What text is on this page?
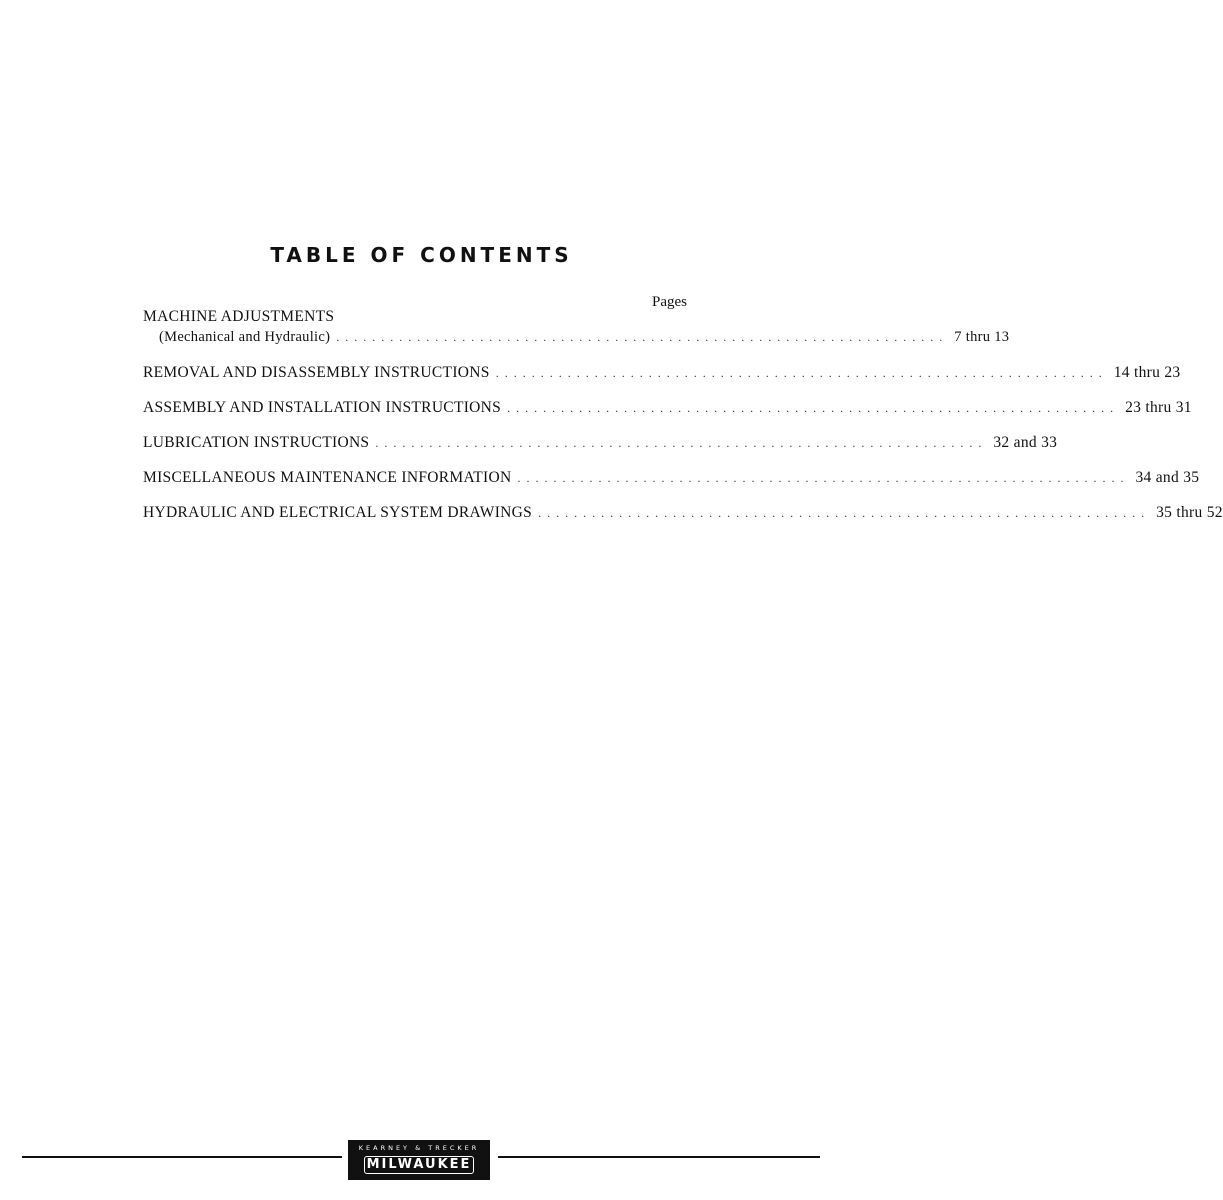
TABLE OF CONTENTS
Pages
MACHINE ADJUSTMENTS
(Mechanical and Hydraulic) .................................................................... 7 thru 13
REMOVAL AND DISASSEMBLY INSTRUCTIONS .................................................................... 14 thru 23
ASSEMBLY AND INSTALLATION INSTRUCTIONS .................................................................... 23 thru 31
LUBRICATION INSTRUCTIONS .................................................................... 32 and 33
MISCELLANEOUS MAINTENANCE INFORMATION .................................................................... 34 and 35
HYDRAULIC AND ELECTRICAL SYSTEM DRAWINGS .................................................................... 35 thru 52
KEARNEY & TRECKER
MILWAUKEE
